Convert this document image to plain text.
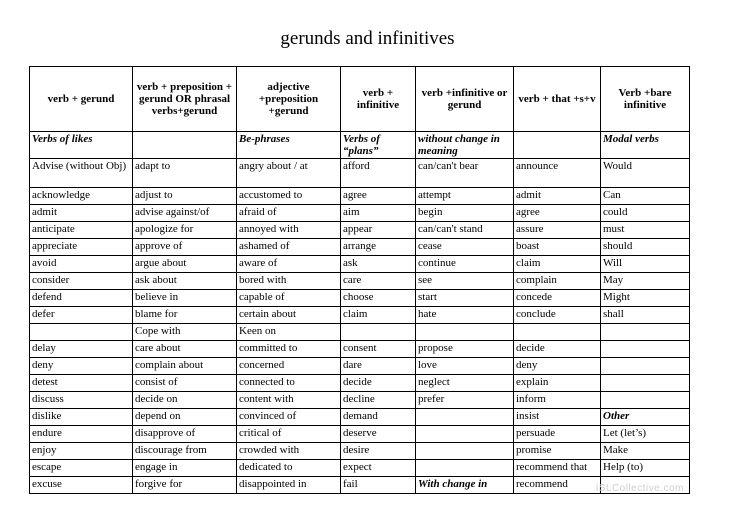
gerunds and infinitives
verb + gerund	verb + preposition + gerund OR phrasal verbs+gerund	adjective +preposition +gerund	verb + infinitive	verb +infinitive or gerund	verb + that +s+v	Verb +bare infinitive
Verbs of likes		Be-phrases	Verbs of “plans”	without change in meaning		Modal verbs
Advise (without Obj)	adapt to	angry about / at	afford	can/can't bear	announce	Would
acknowledge	adjust to	accustomed to	agree	attempt	admit	Can
admit	advise against/of	afraid of	aim	begin	agree	could
anticipate	apologize for	annoyed with	appear	can/can't stand	assure	must
appreciate	approve of	ashamed of	arrange	cease	boast	should
avoid	argue about	aware of	ask	continue	claim	Will
consider	ask about	bored with	care	see	complain	May
defend	believe in	capable of	choose	start	concede	Might
defer	blame for	certain about	claim	hate	conclude	shall
	Cope with	Keen on				
delay	care about	committed to	consent	propose	decide	
deny	complain about	concerned	dare	love	deny	
detest	consist of	connected to	decide	neglect	explain	
discuss	decide on	content with	decline	prefer	inform	
dislike	depend on	convinced of	demand		insist	Other
endure	disapprove of	critical of	deserve		persuade	Let (let’s)
enjoy	discourage from	crowded with	desire		promise	Make
escape	engage in	dedicated to	expect		recommend that	Help (to)
excuse	forgive for	disappointed in	fail	With change in	recommend		iSLCollective.com
